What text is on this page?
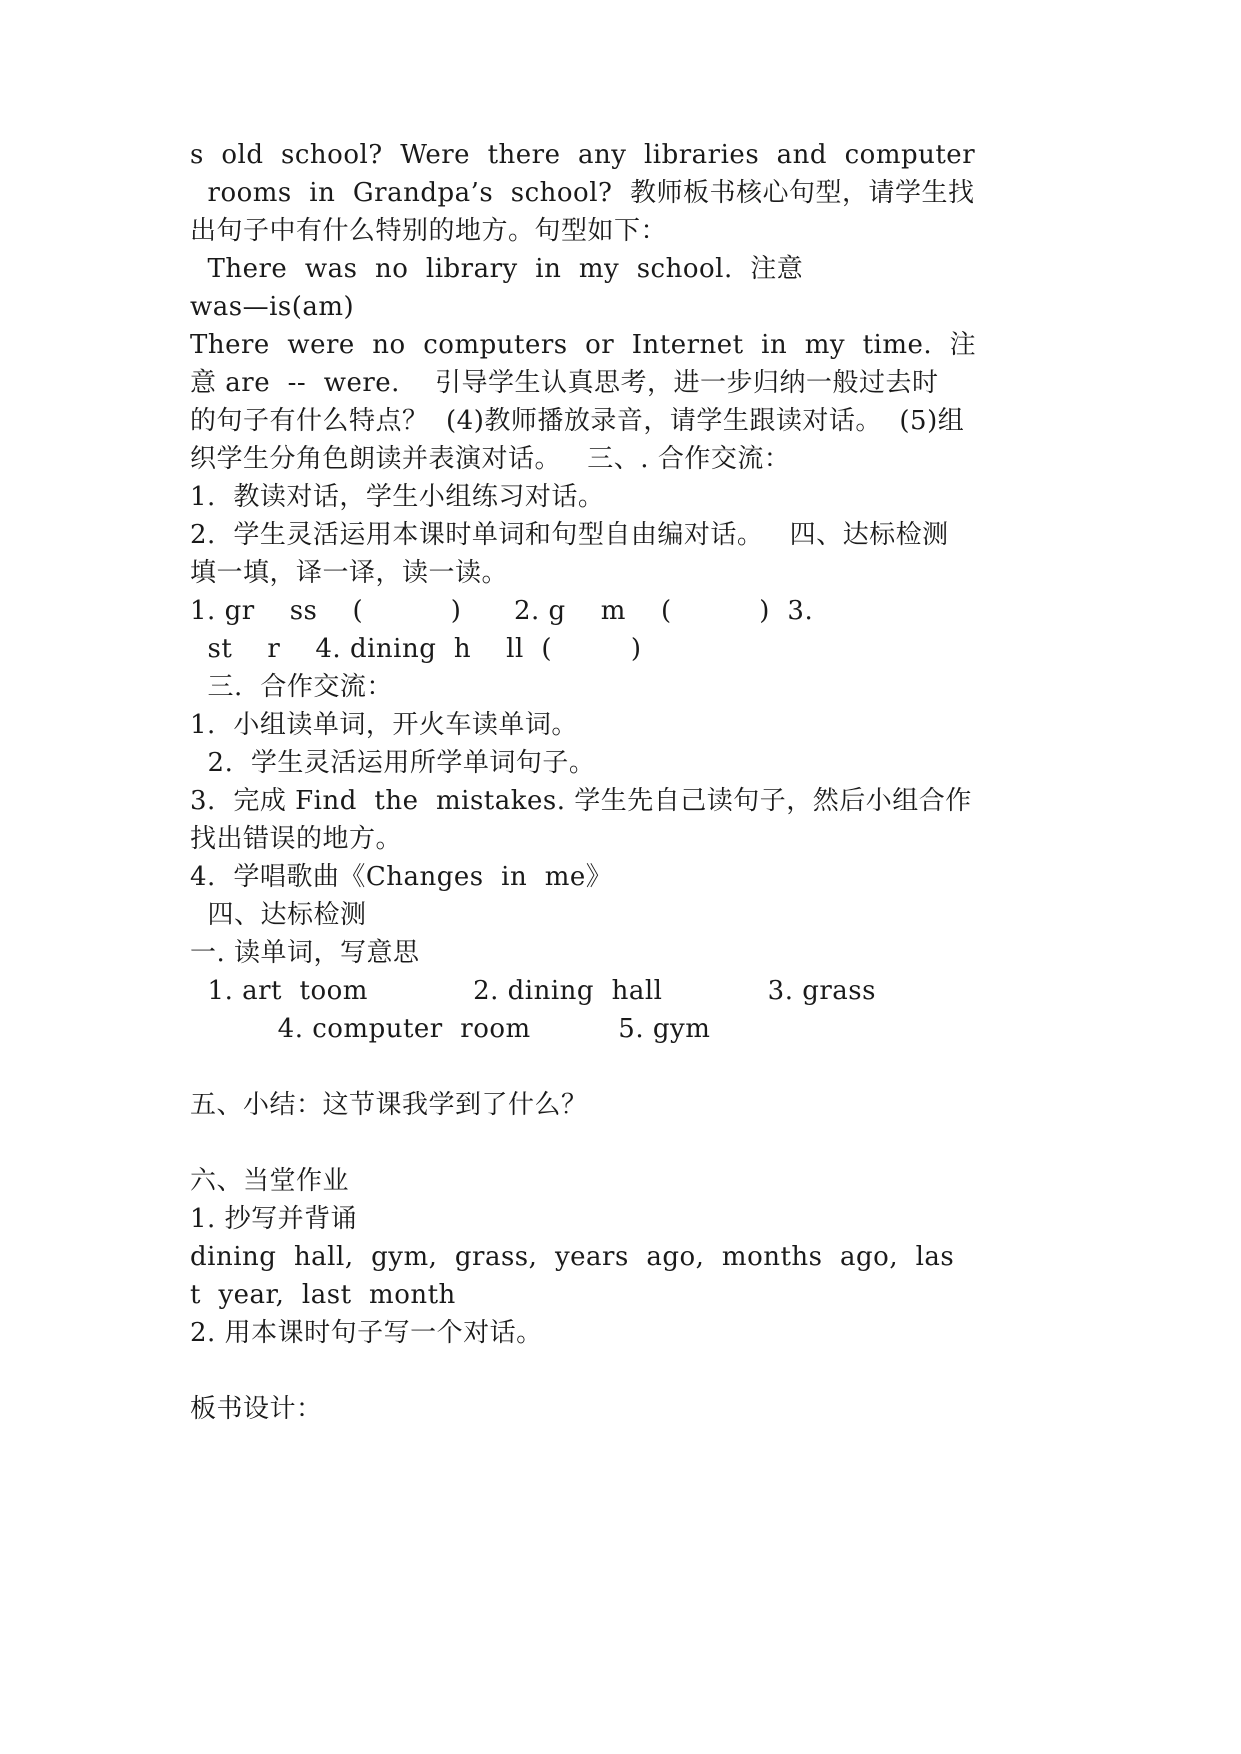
s  old  school?  Were  there  any  libraries  and  computer
rooms  in  Grandpa’s  school?  教师板书核心句型，请学生找
出句子中有什么特别的地方。句型如下：
There  was  no  library  in  my  school.  注意
was—is(am)
There  were  no  computers  or  Internet  in  my  time.  注
意 are  --  were.    引导学生认真思考，进一步归纳一般过去时
的句子有什么特点？  (4)教师播放录音，请学生跟读对话。  (5)组
织学生分角色朗读并表演对话。   三、. 合作交流：
1.  教读对话，学生小组练习对话。
2.  学生灵活运用本课时单词和句型自由编对话。   四、达标检测
填一填，译一译，读一读。
1. gr    ss    (          )      2. g    m    (          )  3.
st    r    4. dining  h    ll  (         )
三.  合作交流：
1.  小组读单词，开火车读单词。
2.  学生灵活运用所学单词句子。
3.  完成 Find  the  mistakes. 学生先自己读句子，然后小组合作
找出错误的地方。
4.  学唱歌曲《Changes  in  me》
四、达标检测
一. 读单词，写意思
1. art  toom            2. dining  hall            3. grass
4. computer  room          5. gym
五、小结：这节课我学到了什么？
六、当堂作业
1. 抄写并背诵
dining  hall,  gym,  grass,  years  ago,  months  ago,  las
t  year,  last  month
2. 用本课时句子写一个对话。
板书设计：
